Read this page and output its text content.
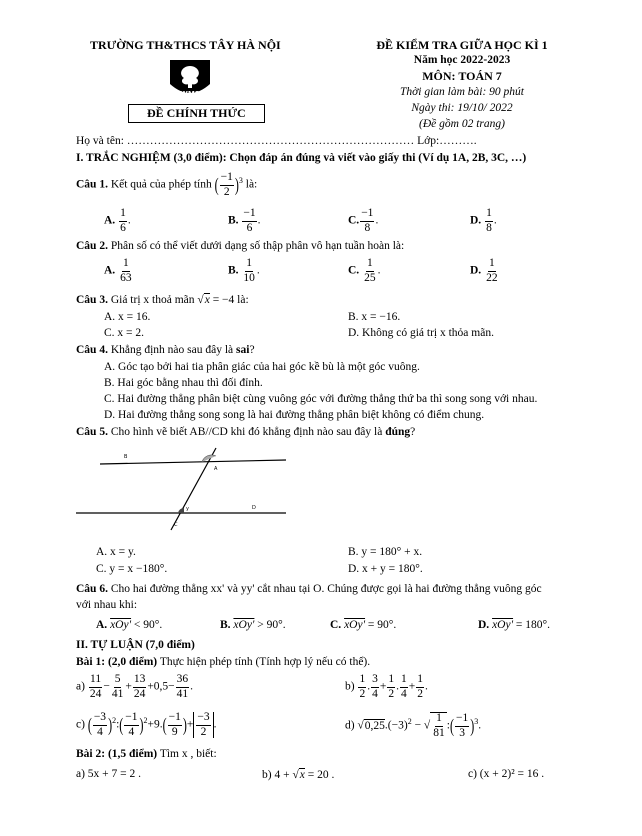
TRƯỜNG TH&THCS TÂY HÀ NỘI
WMS
ĐỀ CHÍNH THỨC
ĐỀ KIỂM TRA GIỮA HỌC KÌ 1
Năm học 2022-2023
MÔN: TOÁN 7
Thời gian làm bài: 90 phút
Ngày thi: 19/10/ 2022
(Đề gồm 02 trang)
Họ và tên: ………………………………………………………………… Lớp:……….
I. TRẮC NGHIỆM (3,0 điểm): Chọn đáp án đúng và viết vào giấy thi (Ví dụ 1A, 2B, 3C, …)
Câu 1. Kết quả của phép tính ( $\frac{-1}{2} )^3$ là:
A. $\frac{1}{6}$ .	B. $\frac{-1}{6}$ .	C. $\frac{-1}{8}$ .	D. $\frac{1}{8}$ .
Câu 2. Phân số có thể viết dưới dạng số thập phân vô hạn tuần hoàn là:
A. $\frac{1}{63}$	B. $\frac{1}{10}$ .	C. $\frac{1}{25}$ .	D. $\frac{1}{22}$
Câu 3. Giá trị x thoả mãn √x = −4 là:
A. x = 16.	B. x = −16.
C. x = 2.	D. Không có giá trị x thỏa mãn.
Câu 4. Khẳng định nào sau đây là sai?
A. Góc tạo bởi hai tia phân giác của hai góc kề bù là một góc vuông.
B. Hai góc bằng nhau thì đối đỉnh.
C. Hai đường thẳng phân biệt cùng vuông góc với đường thẳng thứ ba thì song song với nhau.
D. Hai đường thẳng song song là hai đường thẳng phân biệt không có điểm chung.
Câu 5. Cho hình vẽ biết AB//CD khi đó khẳng định nào sau đây là đúng?
B
A
D
C
y
A. x = y.	B. y = 180° + x.
C. y = x −180°.	D. x + y = 180°.
Câu 6. Cho hai đường thẳng xx' và yy' cắt nhau tại O. Chúng được gọi là hai đường thẳng vuông góc
với nhau khi:
A. xOy' < 90°.	B. xOy' > 90°.	C. xOy' = 90°.	D. xOy' = 180°.
II. TỰ LUẬN (7,0 điểm)
Bài 1: (2,0 điểm) Thực hiện phép tính (Tính hợp lý nếu có thể).
$a) \frac{11}{24} - \frac{5}{41} + \frac{13}{24} +0,5- \frac{36}{41}$ .	$b) \frac{1}{2}$ . $\frac{3}{4} + \frac{1}{2}$ . $\frac{1}{4} + \frac{1}{2}$ .
c) ( $\frac{-3}{4}$ )$^2$:( $\frac{-1}{4} )^2+9.( \frac{-1}{9}$ )+ $\frac{-3}{2}$ .	d) $√0,25.(-3)^2$ − √ $\frac{1}{81}$ :( $\frac{-1}{3} )^3$.
Bài 2: (1,5 điểm) Tìm x , biết:
a) 5x + 7 = 2 .	b) 4 + √x = 20 .	c) (x + 2)² = 16 .
